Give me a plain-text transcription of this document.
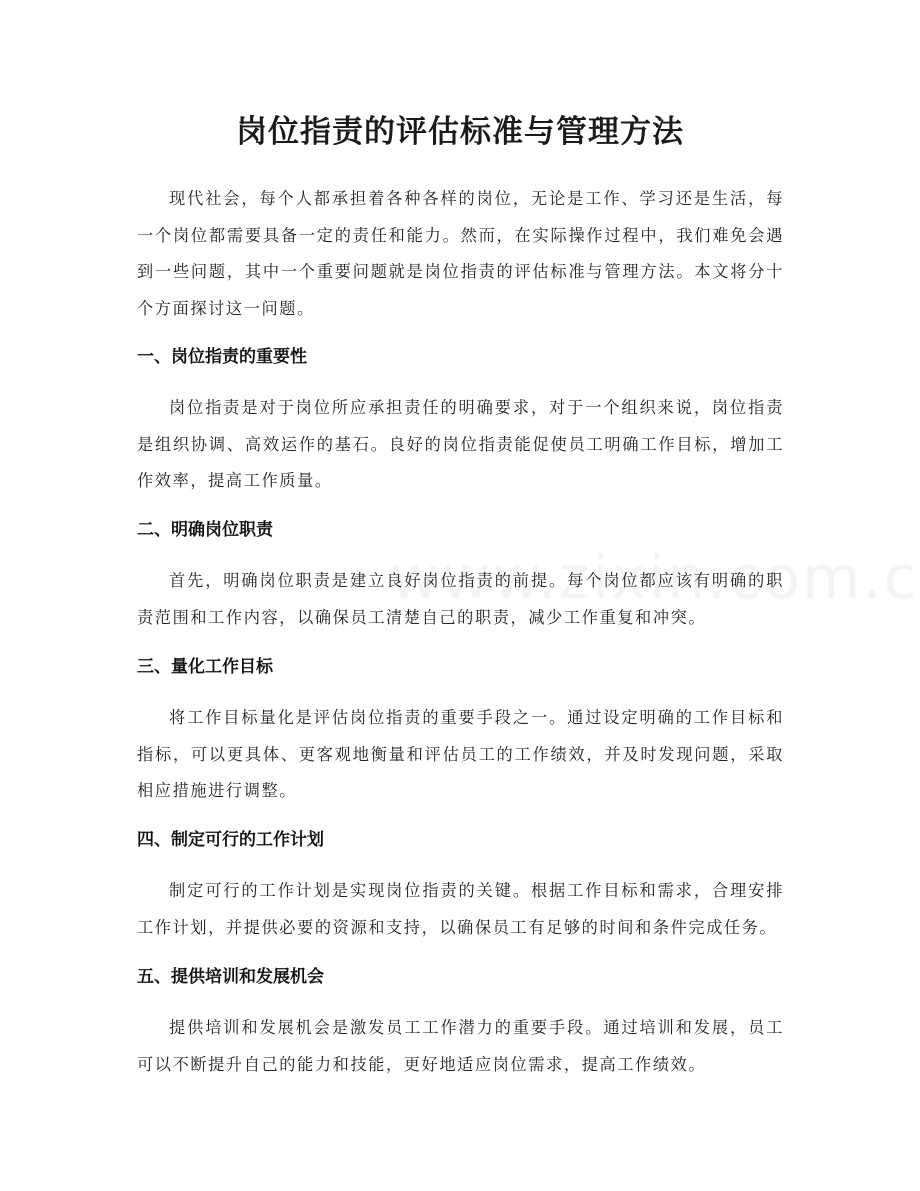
岗位指责的评估标准与管理方法

现代社会，每个人都承担着各种各样的岗位，无论是工作、学习还是生活，每一个岗位都需要具备一定的责任和能力。然而，在实际操作过程中，我们难免会遇到一些问题，其中一个重要问题就是岗位指责的评估标准与管理方法。本文将分十个方面探讨这一问题。

一、岗位指责的重要性

岗位指责是对于岗位所应承担责任的明确要求，对于一个组织来说，岗位指责是组织协调、高效运作的基石。良好的岗位指责能促使员工明确工作目标，增加工作效率，提高工作质量。

二、明确岗位职责

首先，明确岗位职责是建立良好岗位指责的前提。每个岗位都应该有明确的职责范围和工作内容，以确保员工清楚自己的职责，减少工作重复和冲突。

三、量化工作目标

将工作目标量化是评估岗位指责的重要手段之一。通过设定明确的工作目标和指标，可以更具体、更客观地衡量和评估员工的工作绩效，并及时发现问题，采取相应措施进行调整。

四、制定可行的工作计划

制定可行的工作计划是实现岗位指责的关键。根据工作目标和需求，合理安排工作计划，并提供必要的资源和支持，以确保员工有足够的时间和条件完成任务。

五、提供培训和发展机会

提供培训和发展机会是激发员工工作潜力的重要手段。通过培训和发展，员工可以不断提升自己的能力和技能，更好地适应岗位需求，提高工作绩效。
